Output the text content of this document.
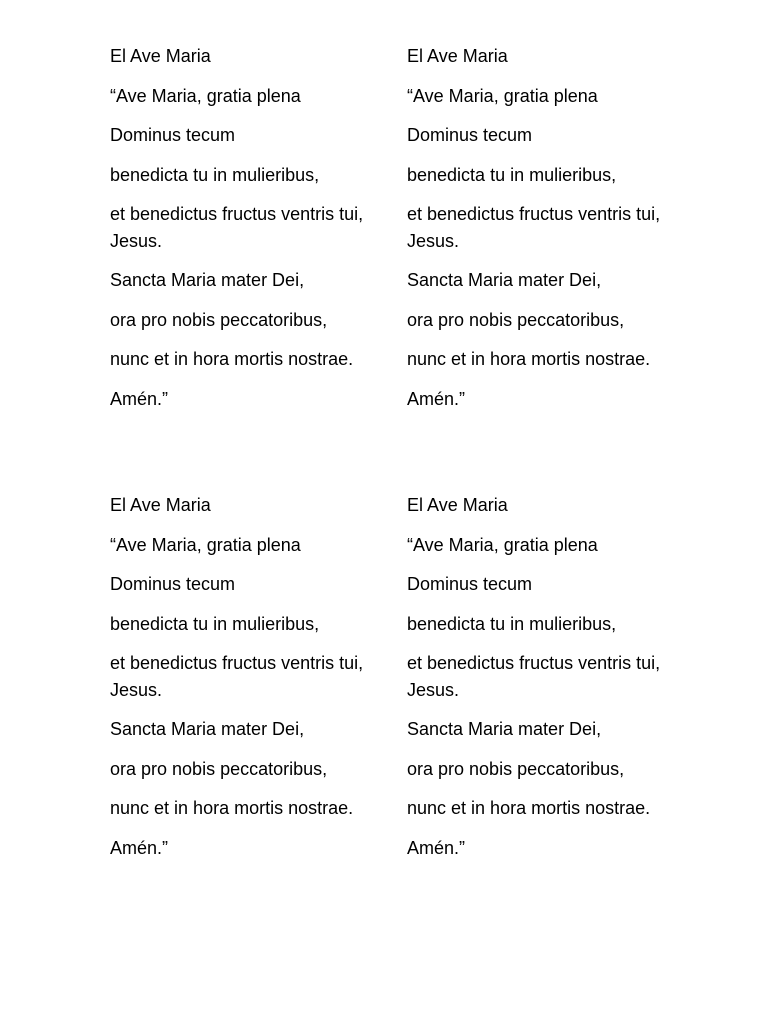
El Ave Maria

“Ave Maria, gratia plena

Dominus tecum

benedicta tu in mulieribus,

et benedictus fructus ventris tui, Jesus.

Sancta Maria mater Dei,

ora pro nobis peccatoribus,

nunc et in hora mortis nostrae.

Amén.”

El Ave Maria

“Ave Maria, gratia plena

Dominus tecum

benedicta tu in mulieribus,

et benedictus fructus ventris tui, Jesus.

Sancta Maria mater Dei,

ora pro nobis peccatoribus,

nunc et in hora mortis nostrae.

Amén.”

El Ave Maria

“Ave Maria, gratia plena

Dominus tecum

benedicta tu in mulieribus,

et benedictus fructus ventris tui, Jesus.

Sancta Maria mater Dei,

ora pro nobis peccatoribus,

nunc et in hora mortis nostrae.

Amén.”

El Ave Maria

“Ave Maria, gratia plena

Dominus tecum

benedicta tu in mulieribus,

et benedictus fructus ventris tui, Jesus.

Sancta Maria mater Dei,

ora pro nobis peccatoribus,

nunc et in hora mortis nostrae.

Amén.”
